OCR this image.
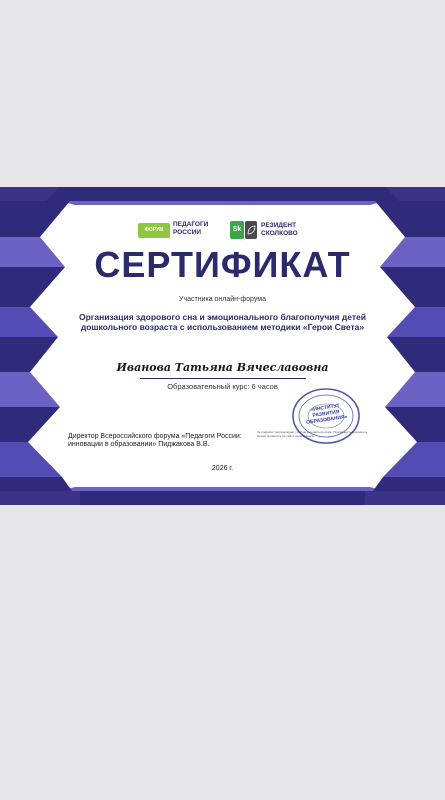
ФОРУМ
ПЕДАГОГИ РОССИИ	Sk
РЕЗИДЕНТ СКОЛКОВО
СЕРТИФИКАТ
Участника онлайн-форума
Организация здорового сна и эмоционального благополучия детей дошкольного возраста с использованием методики «Герои Света»
Иванова Татьяна Вячеславовна
Образовательный курс: 6 часов
Директор Всероссийского форума «Педагоги России: инновации в образовании» Пиджакова В.В.
2026 г.
Сертификат подтверждает участие в онлайн-форуме. Подлинность документа можно проверить на сайте организатора.
«ИНСТИТУТ РАЗВИТИЯ ОБРАЗОВАНИЯ»
